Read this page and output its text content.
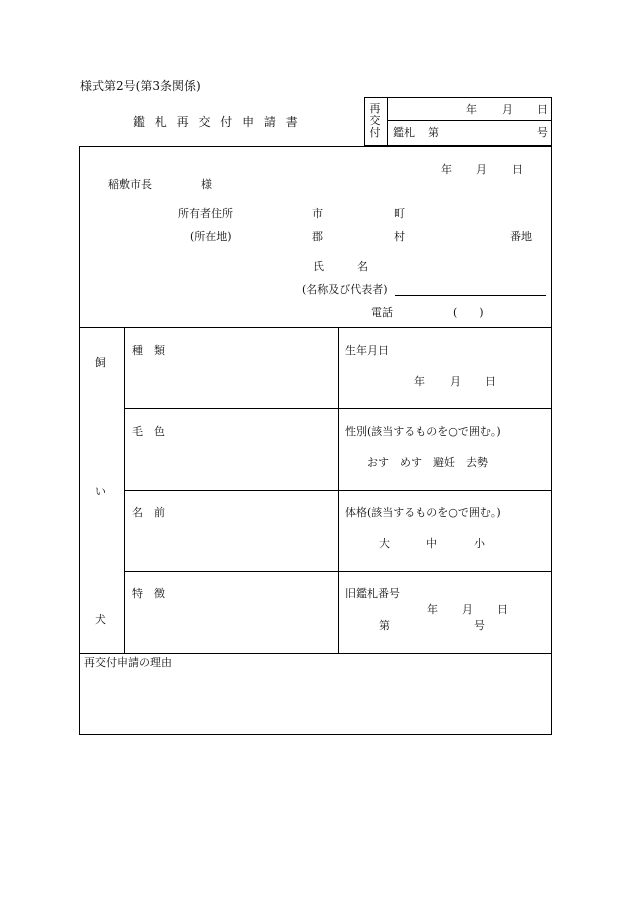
様式第2号(第3条関係)
鑑 札 再 交 付 申 請 書
再
交
付
年 月 日
鑑札 第	号
年 月 日
稲敷市長	様
所有者住所	市	町
(所在地)	郡	村	番地
氏　　　名
(名称及び代表者)
電話	(　　)
飼
い
犬
種　類	生年月日
年 月 日
毛　色	性別(該当するものを○で囲む。)
おす　めす　避妊　去勢
名　前	体格(該当するものを○で囲む。)
大	中	小
特　徴	旧鑑札番号
年 月 日
第	号
再交付申請の理由
